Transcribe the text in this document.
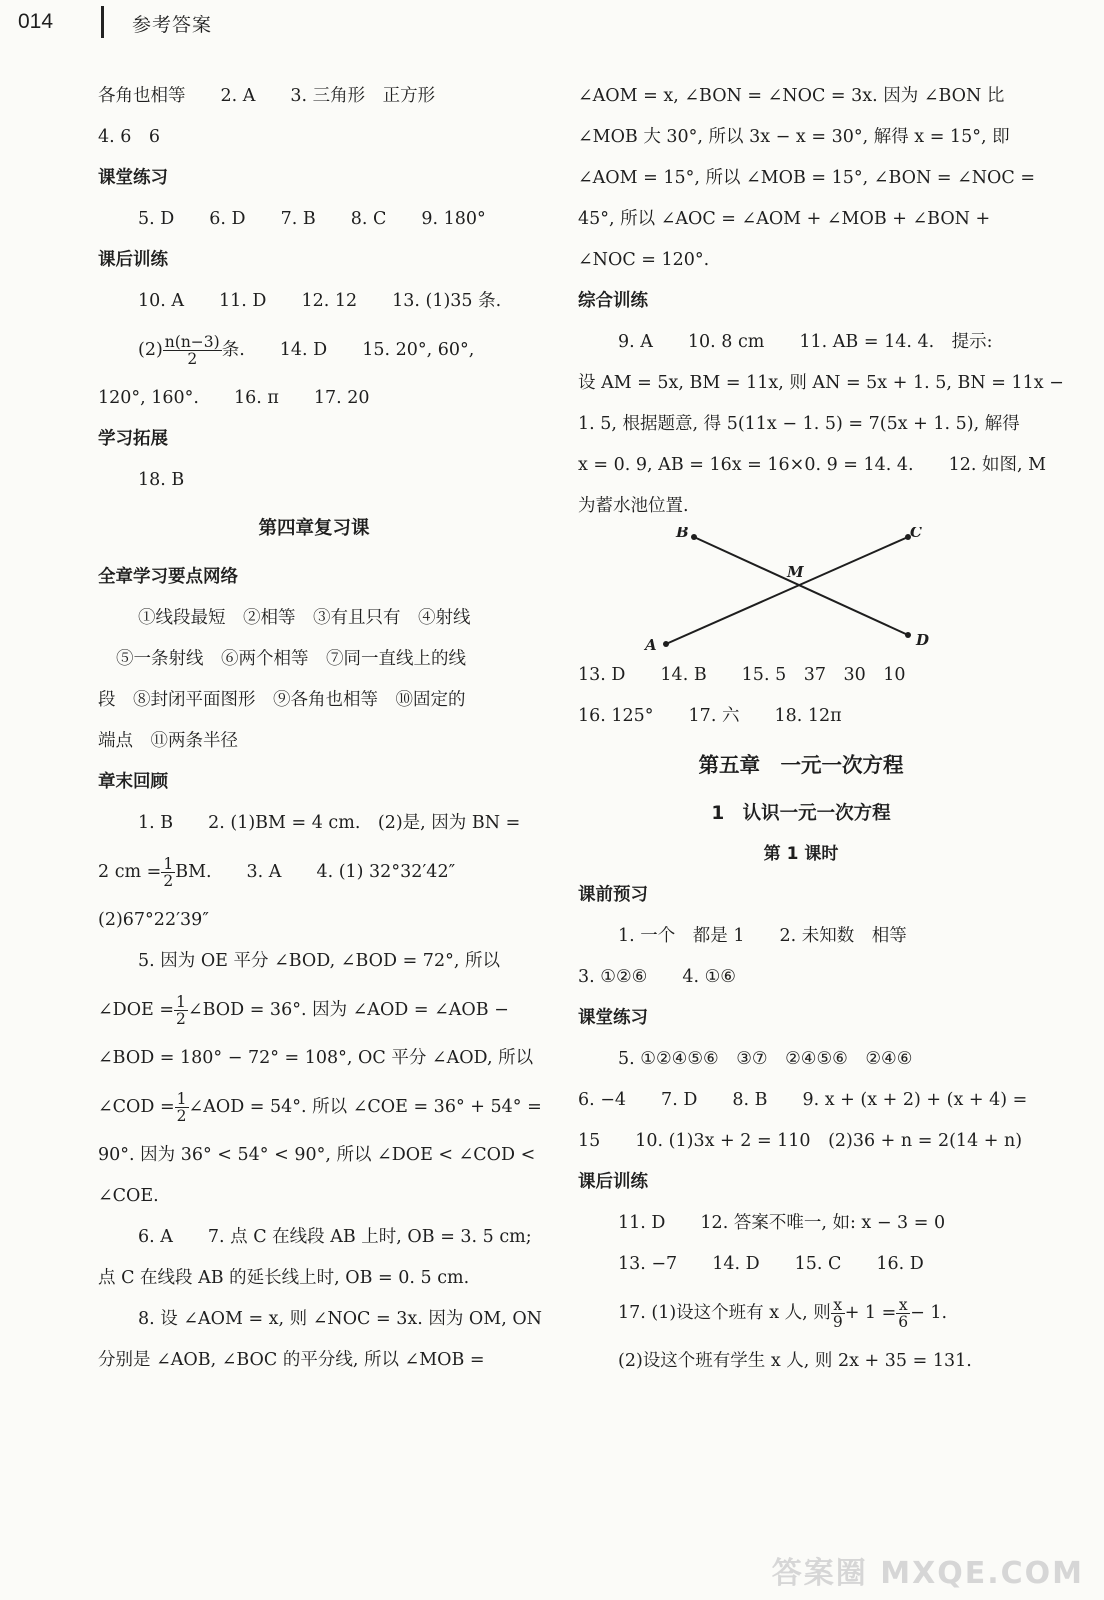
014	参考答案
各角也相等　　2. A　　3. 三角形　正方形
4. 6　6
课堂练习
5. D　　6. D　　7. B　　8. C　　9. 180°
课后训练
10. A　　11. D　　12. 12　　13. (1)35 条.
$(2) \frac{n(n-3)}{2}$ 条.　　14. D　　15. 20°, 60°,
120°, 160°.　　16. π　　17. 20
学习拓展
18. B
第四章复习课
全章学习要点网络
①线段最短　②相等　③有且只有　④射线
⑤一条射线　⑥两个相等　⑦同一直线上的线
段　⑧封闭平面图形　⑨各角也相等　⑩固定的
端点　⑪两条半径
章末回顾
1. B　　2. (1)BM = 4 cm.　(2)是, 因为 BN =
2 cm = $\frac{1}{2}$ BM.　　3. A　　4. (1) 32°32′42″
(2)67°22′39″
5. 因为 OE 平分 ∠BOD, ∠BOD = 72°, 所以
∠DOE = $\frac{1}{2}$ ∠BOD = 36°. 因为 ∠AOD = ∠AOB −
∠BOD = 180° − 72° = 108°, OC 平分 ∠AOD, 所以
∠COD = $\frac{1}{2}$ ∠AOD = 54°. 所以 ∠COE = 36° + 54° =
90°. 因为 36° < 54° < 90°, 所以 ∠DOE < ∠COD <
∠COE.
6. A　　7. 点 C 在线段 AB 上时, OB = 3. 5 cm;
点 C 在线段 AB 的延长线上时, OB = 0. 5 cm.
8. 设 ∠AOM = x, 则 ∠NOC = 3x. 因为 OM, ON
分别是 ∠AOB, ∠BOC 的平分线, 所以 ∠MOB =
∠AOM = x, ∠BON = ∠NOC = 3x. 因为 ∠BON 比
∠MOB 大 30°, 所以 3x − x = 30°, 解得 x = 15°, 即
∠AOM = 15°, 所以 ∠MOB = 15°, ∠BON = ∠NOC =
45°, 所以 ∠AOC = ∠AOM + ∠MOB + ∠BON +
∠NOC = 120°.
综合训练
9. A　　10. 8 cm　　11. AB = 14. 4.　提示:
设 AM = 5x, BM = 11x, 则 AN = 5x + 1. 5, BN = 11x −
1. 5, 根据题意, 得 5(11x − 1. 5) = 7(5x + 1. 5), 解得
x = 0. 9, AB = 16x = 16×0. 9 = 14. 4.　　12. 如图, M
为蓄水池位置.
B	C
M
A	D
13. D　　14. B　　15. 5　37　30　10
16. 125°　　17. 六　　18. 12π
第五章　一元一次方程
1　认识一元一次方程
第 1 课时
课前预习
1. 一个　都是 1　　2. 未知数　相等
3. ①②⑥　　4. ①⑥
课堂练习
5. ①②④⑤⑥　③⑦　②④⑤⑥　②④⑥
6. −4　　7. D　　8. B　　9. x + (x + 2) + (x + 4) =
15　　10. (1)3x + 2 = 110　(2)36 + n = 2(14 + n)
课后训练
11. D　　12. 答案不唯一, 如: x − 3 = 0
13. −7　　14. D　　15. C　　16. D
17. (1)设这个班有 x 人, 则 $\frac{x}{9} + 1 = \frac{x}{6} - 1$.
(2)设这个班有学生 x 人, 则 2x + 35 = 131.
答案圈 MXQE.COM
